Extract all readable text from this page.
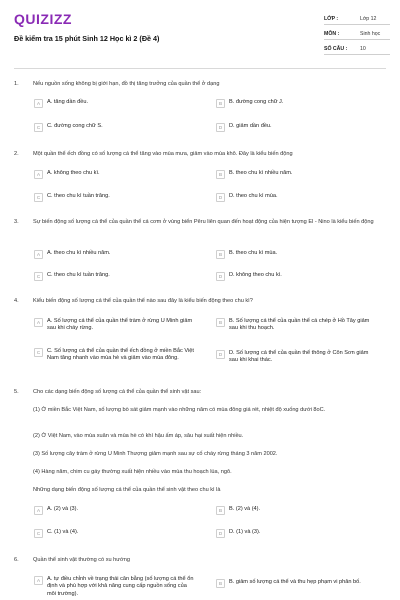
QUIZIZZ
Đề kiểm tra 15 phút Sinh 12 Học kì 2 (Đề 4)
LỚP :	Lớp 12
MÔN :	Sinh học
SỐ CÂU : 10
1.	Nếu nguồn sống không bị giới hạn, đồ thị tăng trưởng của quần thể ở dạng
A	A. tăng dần đều.	B	B. đường cong chữ J.
C	C. đường cong chữ S.	D	D. giảm dần đều.
2.	Một quần thể ếch đồng có số lượng cá thể tăng vào mùa mưa, giảm vào mùa khô. Đây là kiểu biến động
A	A. không theo chu kì.	B	B. theo chu kì nhiều năm.
C	C. theo chu kì tuần trăng.	D	D. theo chu kì mùa.
3.	Sự biến động số lượng cá thể của quần thể cá cơm ở vùng biển Pêru liên quan đến hoạt động của hiện tượng El - Nino là kiểu biến động
A	A. theo chu kì nhiều năm.	B	B. theo chu kì mùa.
C	C. theo chu kì tuần trăng.	D	D. không theo chu kì.
4.	Kiểu biến động số lượng cá thể của quần thể nào sau đây là kiểu biến động theo chu kì?
A	A. Số lượng cá thể của quần thể tràm ở rừng U Minh giảm sau khi cháy rừng.
B	B. Số lượng cá thể của quần thể cá chép ở Hồ Tây giảm sau khi thu hoạch.
C	C. Số lượng cá thể của quần thể ếch đồng ở miền Bắc Việt Nam tăng nhanh vào mùa hè và giảm vào mùa đông.
D	D. Số lượng cá thể của quần thể thông ở Côn Sơn giảm sau khi khai thác.
5.	Cho các dạng biến động số lượng cá thể của quần thể sinh vật sau:
(1) Ở miền Bắc Việt Nam, số lượng bò sát giảm mạnh vào những năm có mùa đông giá rét, nhiệt độ xuống dưới 8oC.
(2) Ở Việt Nam, vào mùa xuân và mùa hè có khí hậu ấm áp, sâu hại xuất hiện nhiều.
(3) Số lượng cây tràm ở rừng U Minh Thượng giảm mạnh sau sự cố cháy rừng tháng 3 năm 2002.
(4) Hàng năm, chim cu gáy thường xuất hiện nhiều vào mùa thu hoạch lúa, ngô.
Những dạng biến động số lượng cá thể của quần thể sinh vật theo chu kì là
A	A. (2) và (3).	B	B. (2) và (4).
C	C. (1) và (4).	D	D. (1) và (3).
6.	Quần thể sinh vật thường có xu hướng
A	A. tự điều chỉnh về trạng thái cân bằng (số lượng cá thể ổn định và phù hợp với khả năng cung cấp nguồn sống của môi trường).
B	B. giảm số lượng cá thể và thu hẹp phạm vi phân bố.
